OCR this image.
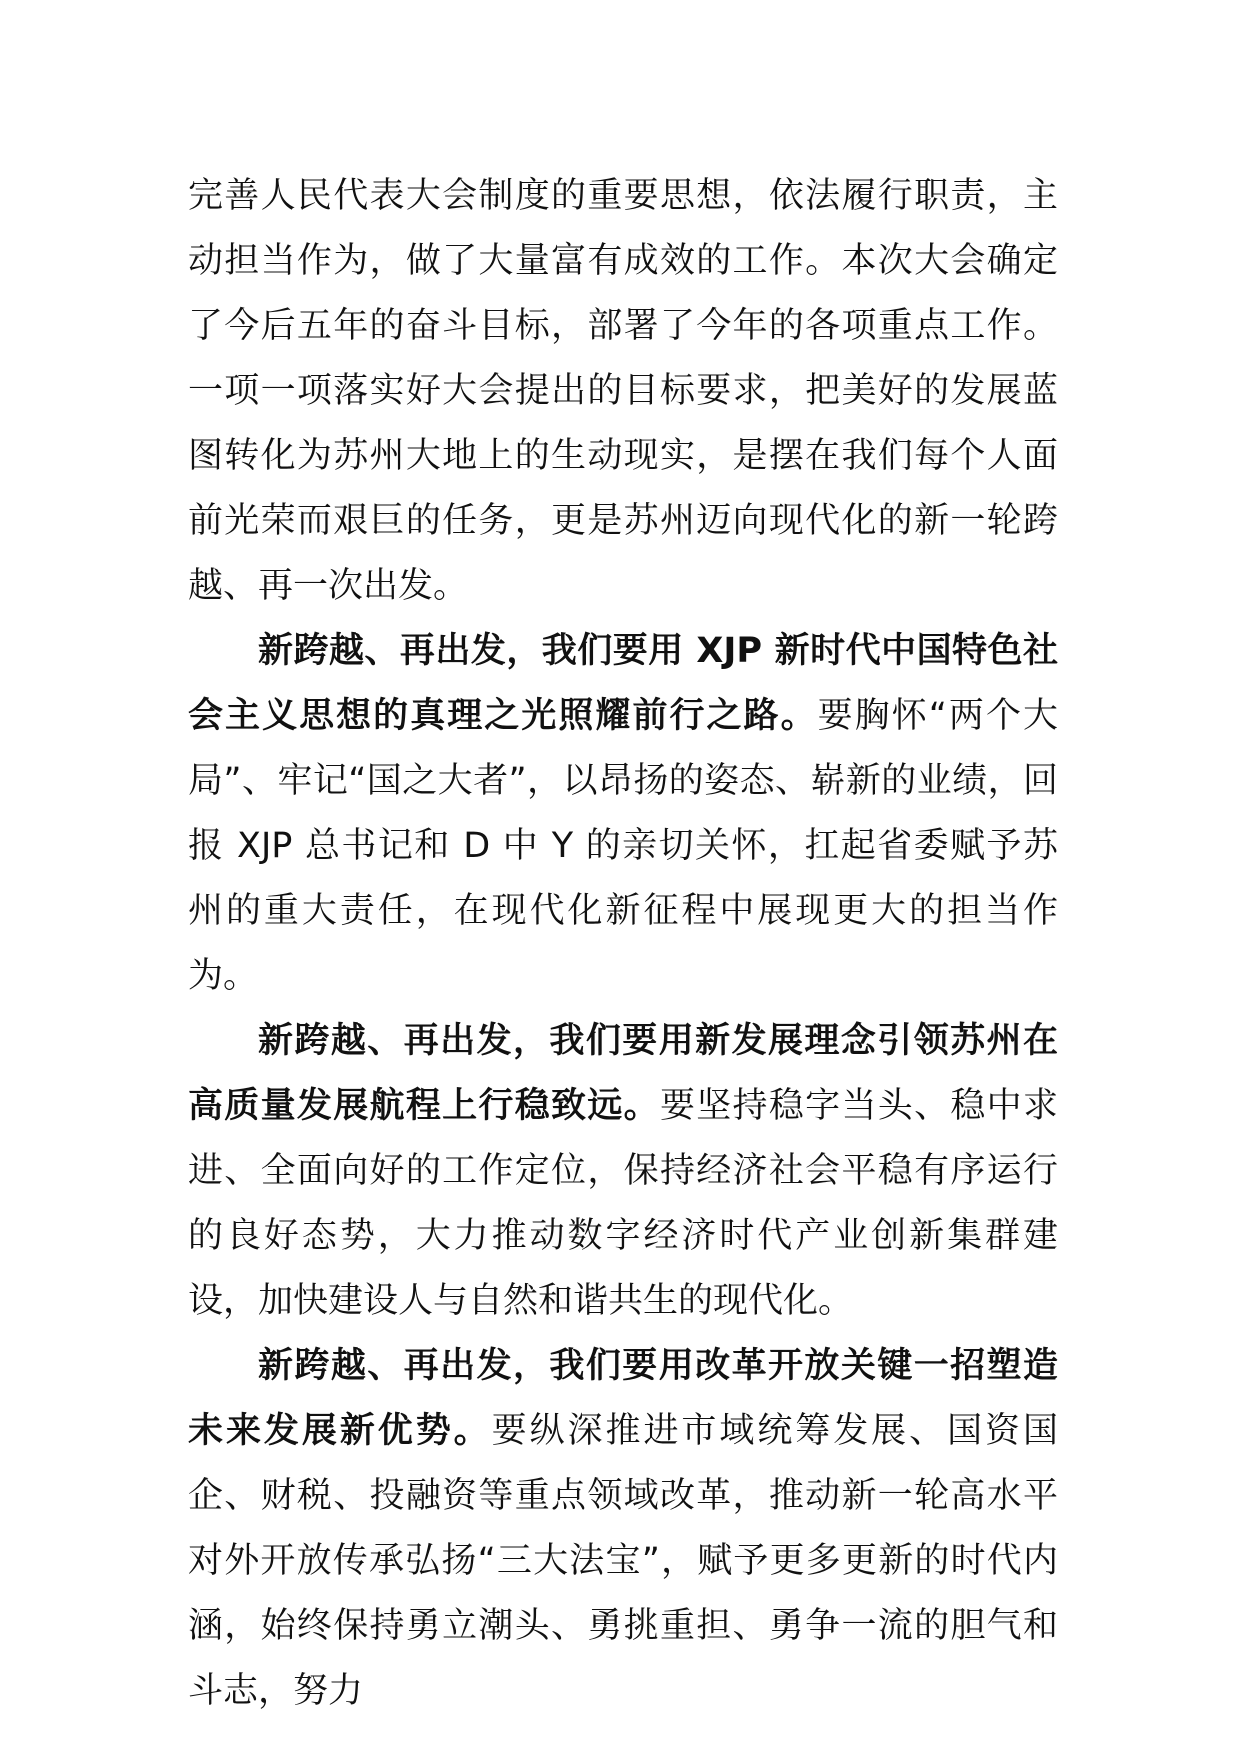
完善人民代表大会制度的重要思想，依法履行职责，主动担当作为，做了大量富有成效的工作。本次大会确定了今后五年的奋斗目标，部署了今年的各项重点工作。一项一项落实好大会提出的目标要求，把美好的发展蓝图转化为苏州大地上的生动现实，是摆在我们每个人面前光荣而艰巨的任务，更是苏州迈向现代化的新一轮跨越、再一次出发。

新跨越、再出发，我们要用 XJP 新时代中国特色社会主义思想的真理之光照耀前行之路。要胸怀“两个大局”、牢记“国之大者”，以昂扬的姿态、崭新的业绩，回报 XJP 总书记和 D 中 Y 的亲切关怀，扛起省委赋予苏州的重大责任，在现代化新征程中展现更大的担当作为。

新跨越、再出发，我们要用新发展理念引领苏州在高质量发展航程上行稳致远。要坚持稳字当头、稳中求进、全面向好的工作定位，保持经济社会平稳有序运行的良好态势，大力推动数字经济时代产业创新集群建设，加快建设人与自然和谐共生的现代化。

新跨越、再出发，我们要用改革开放关键一招塑造未来发展新优势。要纵深推进市域统筹发展、国资国企、财税、投融资等重点领域改革，推动新一轮高水平对外开放传承弘扬“三大法宝”，赋予更多更新的时代内涵，始终保持勇立潮头、勇挑重担、勇争一流的胆气和斗志，努力
